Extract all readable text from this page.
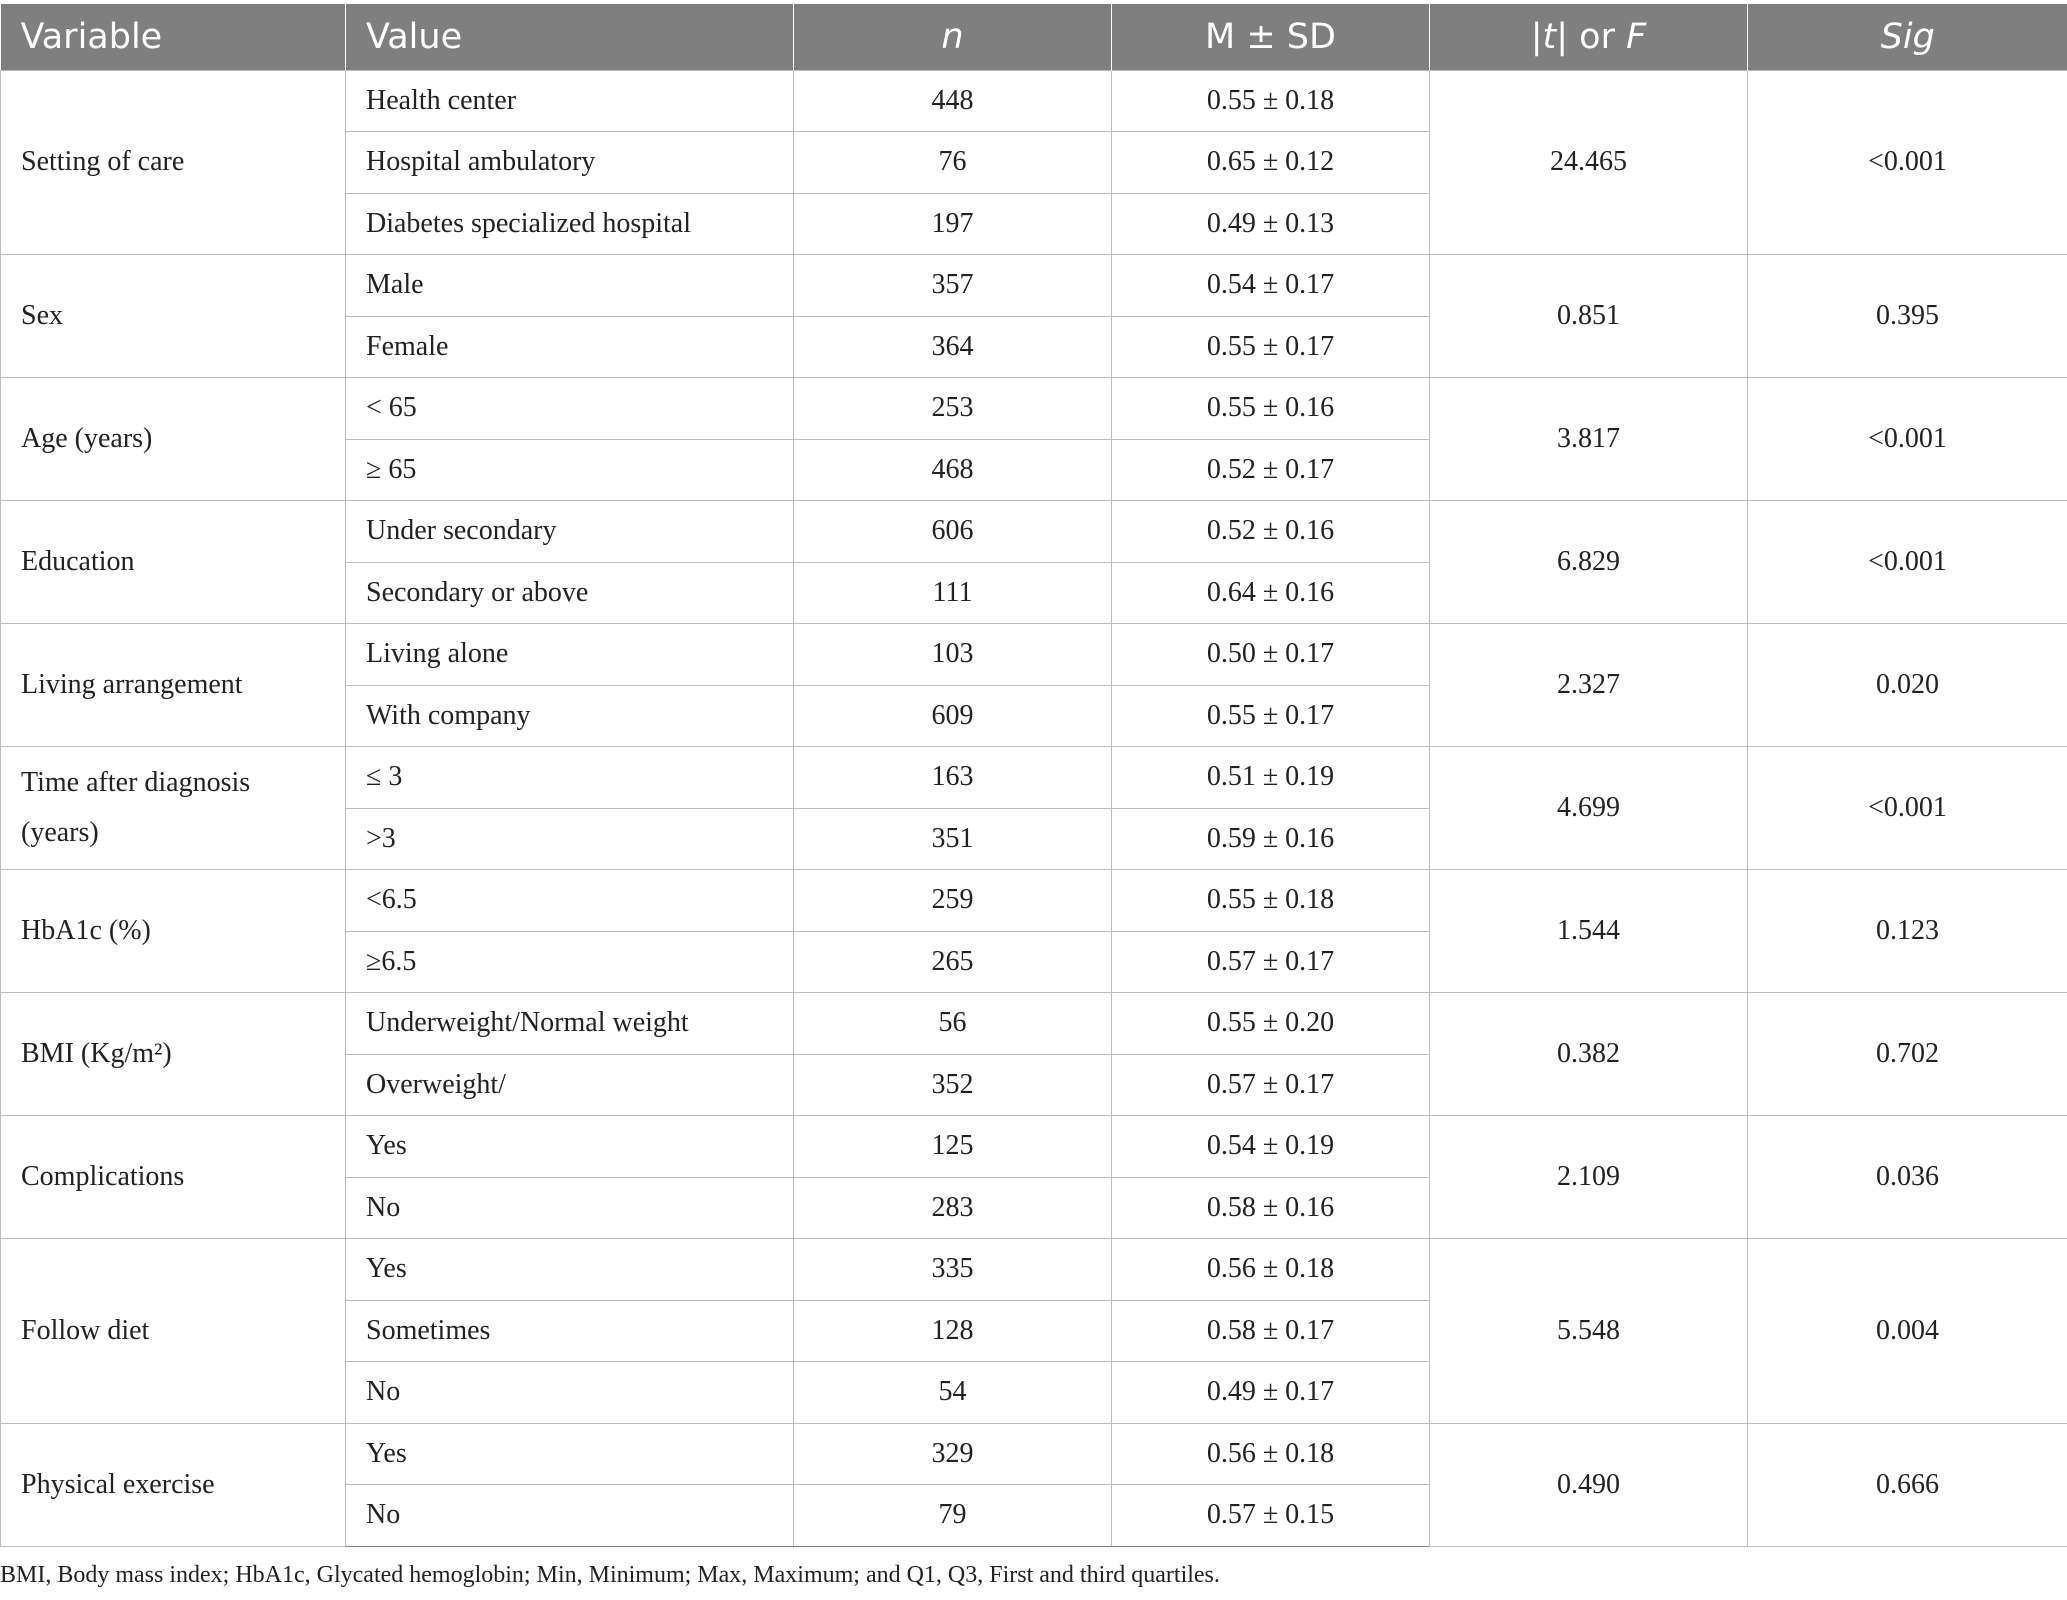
Variable	Value	n	M ± SD	|t| or F	Sig
Setting of care	Health center	448	0.55 ± 0.18	24.465	<0.001
	Hospital ambulatory	76	0.65 ± 0.12		
	Diabetes specialized hospital	197	0.49 ± 0.13		
Sex	Male	357	0.54 ± 0.17	0.851	0.395
	Female	364	0.55 ± 0.17		
Age (years)	< 65	253	0.55 ± 0.16	3.817	<0.001
	≥ 65	468	0.52 ± 0.17		
Education	Under secondary	606	0.52 ± 0.16	6.829	<0.001
	Secondary or above	111	0.64 ± 0.16		
Living arrangement	Living alone	103	0.50 ± 0.17	2.327	0.020
	With company	609	0.55 ± 0.17		
Time after diagnosis (years)	≤ 3	163	0.51 ± 0.19	4.699	<0.001
	>3	351	0.59 ± 0.16		
HbA1c (%)	<6.5	259	0.55 ± 0.18	1.544	0.123
	≥6.5	265	0.57 ± 0.17		
BMI (Kg/m²)	Underweight/Normal weight	56	0.55 ± 0.20	0.382	0.702
	Overweight/	352	0.57 ± 0.17		
Complications	Yes	125	0.54 ± 0.19	2.109	0.036
	No	283	0.58 ± 0.16		
Follow diet	Yes	335	0.56 ± 0.18	5.548	0.004
	Sometimes	128	0.58 ± 0.17		
	No	54	0.49 ± 0.17		
Physical exercise	Yes	329	0.56 ± 0.18	0.490	0.666
	No	79	0.57 ± 0.15		
BMI, Body mass index; HbA1c, Glycated hemoglobin; Min, Minimum; Max, Maximum; and Q1, Q3, First and third quartiles.
